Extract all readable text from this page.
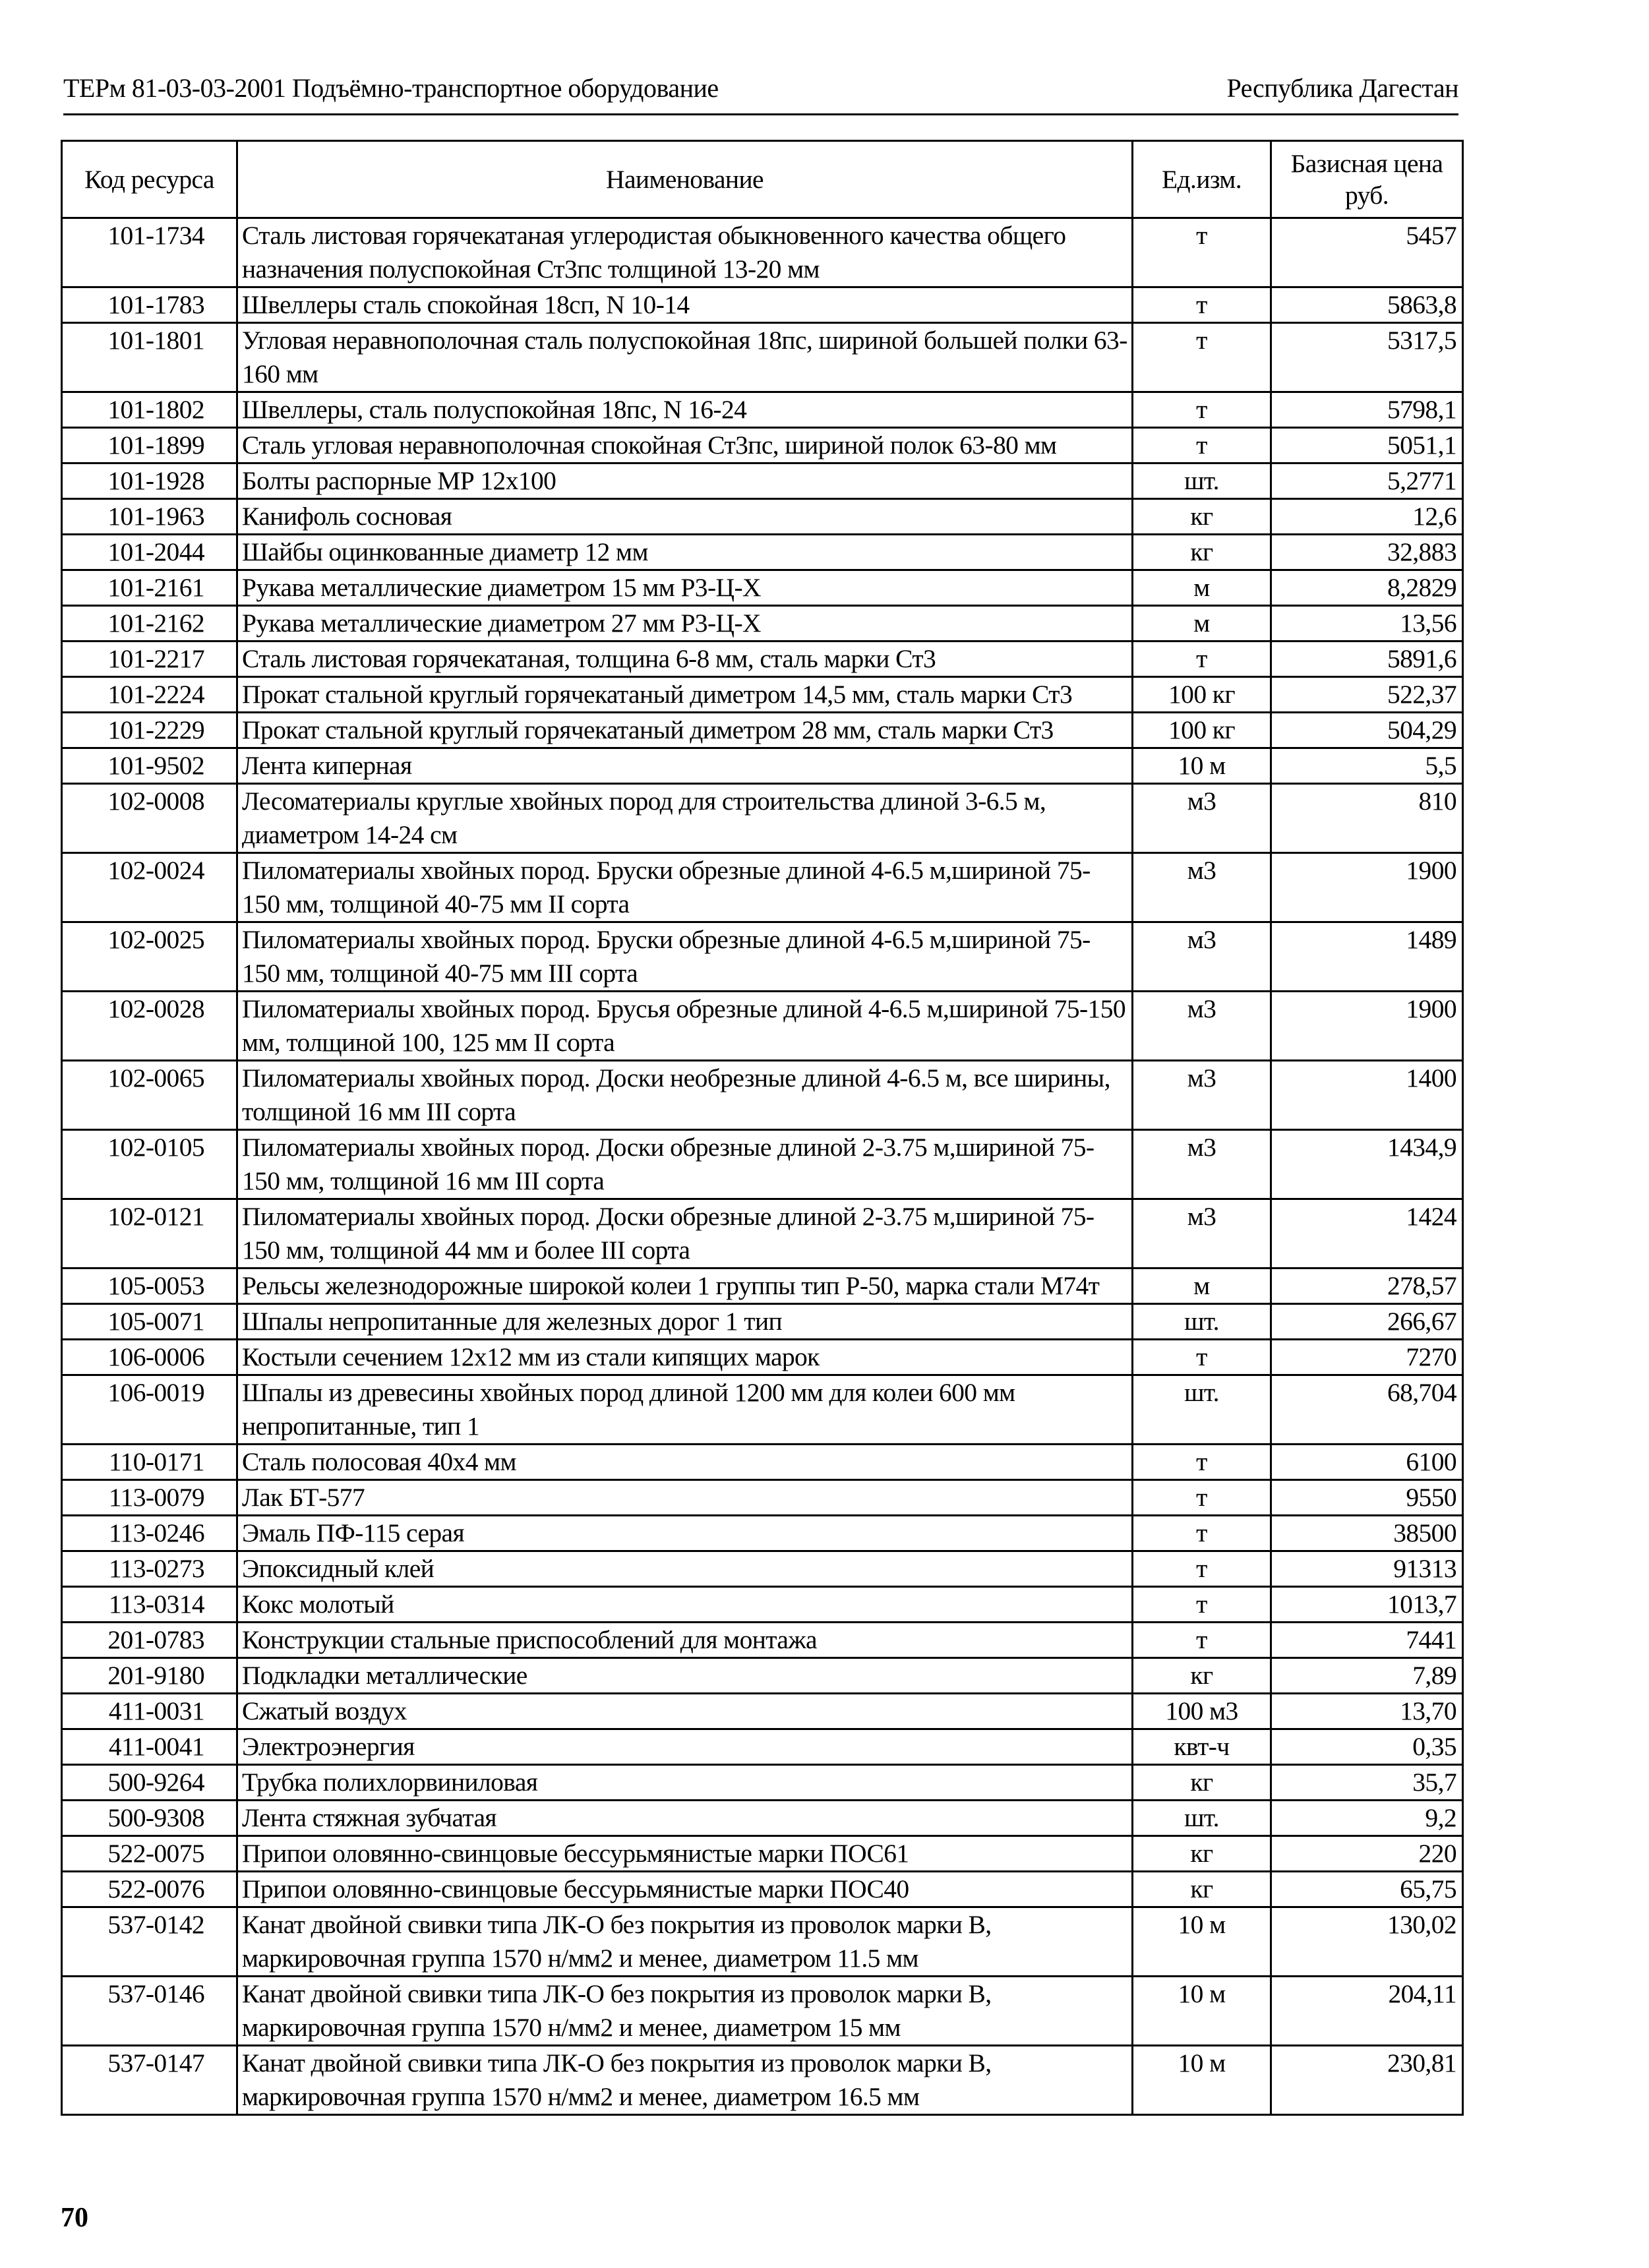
ТЕРм 81-03-03-2001 Подъёмно-транспортное оборудование	Республика Дагестан
Код ресурса	Наименование	Ед.изм.	Базисная цена руб.
101-1734	Сталь листовая горячекатаная углеродистая обыкновенного качества общего назначения полуспокойная Ст3пс толщиной 13-20 мм	т	5457
101-1783	Швеллеры сталь спокойная 18сп, N 10-14	т	5863,8
101-1801	Угловая неравнополочная сталь полуспокойная 18пс, шириной большей полки 63-160 мм	т	5317,5
101-1802	Швеллеры, сталь полуспокойная 18пс, N 16-24	т	5798,1
101-1899	Сталь угловая неравнополочная спокойная Ст3пс, шириной полок 63-80 мм	т	5051,1
101-1928	Болты распорные МР 12х100	шт.	5,2771
101-1963	Канифоль сосновая	кг	12,6
101-2044	Шайбы оцинкованные диаметр 12 мм	кг	32,883
101-2161	Рукава металлические диаметром 15 мм Р3-Ц-Х	м	8,2829
101-2162	Рукава металлические диаметром 27 мм Р3-Ц-Х	м	13,56
101-2217	Сталь листовая горячекатаная, толщина 6-8 мм, сталь марки Ст3	т	5891,6
101-2224	Прокат стальной круглый горячекатаный диметром 14,5 мм, сталь марки Ст3	100 кг	522,37
101-2229	Прокат стальной круглый горячекатаный диметром 28 мм, сталь марки Ст3	100 кг	504,29
101-9502	Лента киперная	10 м	5,5
102-0008	Лесоматериалы круглые хвойных пород для строительства длиной 3-6.5 м, диаметром 14-24 см	м3	810
102-0024	Пиломатериалы хвойных пород. Бруски обрезные длиной 4-6.5 м,шириной 75-150 мм, толщиной 40-75 мм II сорта	м3	1900
102-0025	Пиломатериалы хвойных пород. Бруски обрезные длиной 4-6.5 м,шириной 75-150 мм, толщиной 40-75 мм III сорта	м3	1489
102-0028	Пиломатериалы хвойных пород. Брусья обрезные длиной 4-6.5 м,шириной 75-150 мм, толщиной 100, 125 мм II сорта	м3	1900
102-0065	Пиломатериалы хвойных пород. Доски необрезные длиной 4-6.5 м, все ширины, толщиной 16 мм III сорта	м3	1400
102-0105	Пиломатериалы хвойных пород. Доски обрезные длиной 2-3.75 м,шириной 75-150 мм, толщиной 16 мм III сорта	м3	1434,9
102-0121	Пиломатериалы хвойных пород. Доски обрезные длиной 2-3.75 м,шириной 75-150 мм, толщиной 44 мм и более III сорта	м3	1424
105-0053	Рельсы железнодорожные широкой колеи 1 группы тип Р-50, марка стали М74т	м	278,57
105-0071	Шпалы непропитанные для железных дорог 1 тип	шт.	266,67
106-0006	Костыли сечением 12х12 мм из стали кипящих марок	т	7270
106-0019	Шпалы из древесины хвойных пород длиной 1200 мм для колеи 600 мм непропитанные, тип 1	шт.	68,704
110-0171	Сталь полосовая 40х4 мм	т	6100
113-0079	Лак БТ-577	т	9550
113-0246	Эмаль ПФ-115 серая	т	38500
113-0273	Эпоксидный клей	т	91313
113-0314	Кокс молотый	т	1013,7
201-0783	Конструкции стальные приспособлений для монтажа	т	7441
201-9180	Подкладки металлические	кг	7,89
411-0031	Сжатый воздух	100 м3	13,70
411-0041	Электроэнергия	квт-ч	0,35
500-9264	Трубка полихлорвиниловая	кг	35,7
500-9308	Лента стяжная зубчатая	шт.	9,2
522-0075	Припои оловянно-свинцовые бессурьмянистые марки ПОС61	кг	220
522-0076	Припои оловянно-свинцовые бессурьмянистые марки ПОС40	кг	65,75
537-0142	Канат двойной свивки типа ЛК-О без покрытия из проволок марки В, маркировочная группа 1570 н/мм2 и менее, диаметром 11.5 мм	10 м	130,02
537-0146	Канат двойной свивки типа ЛК-О без покрытия из проволок марки В, маркировочная группа 1570 н/мм2 и менее, диаметром 15 мм	10 м	204,11
537-0147	Канат двойной свивки типа ЛК-О без покрытия из проволок марки В, маркировочная группа 1570 н/мм2 и менее, диаметром 16.5 мм	10 м	230,81
70
